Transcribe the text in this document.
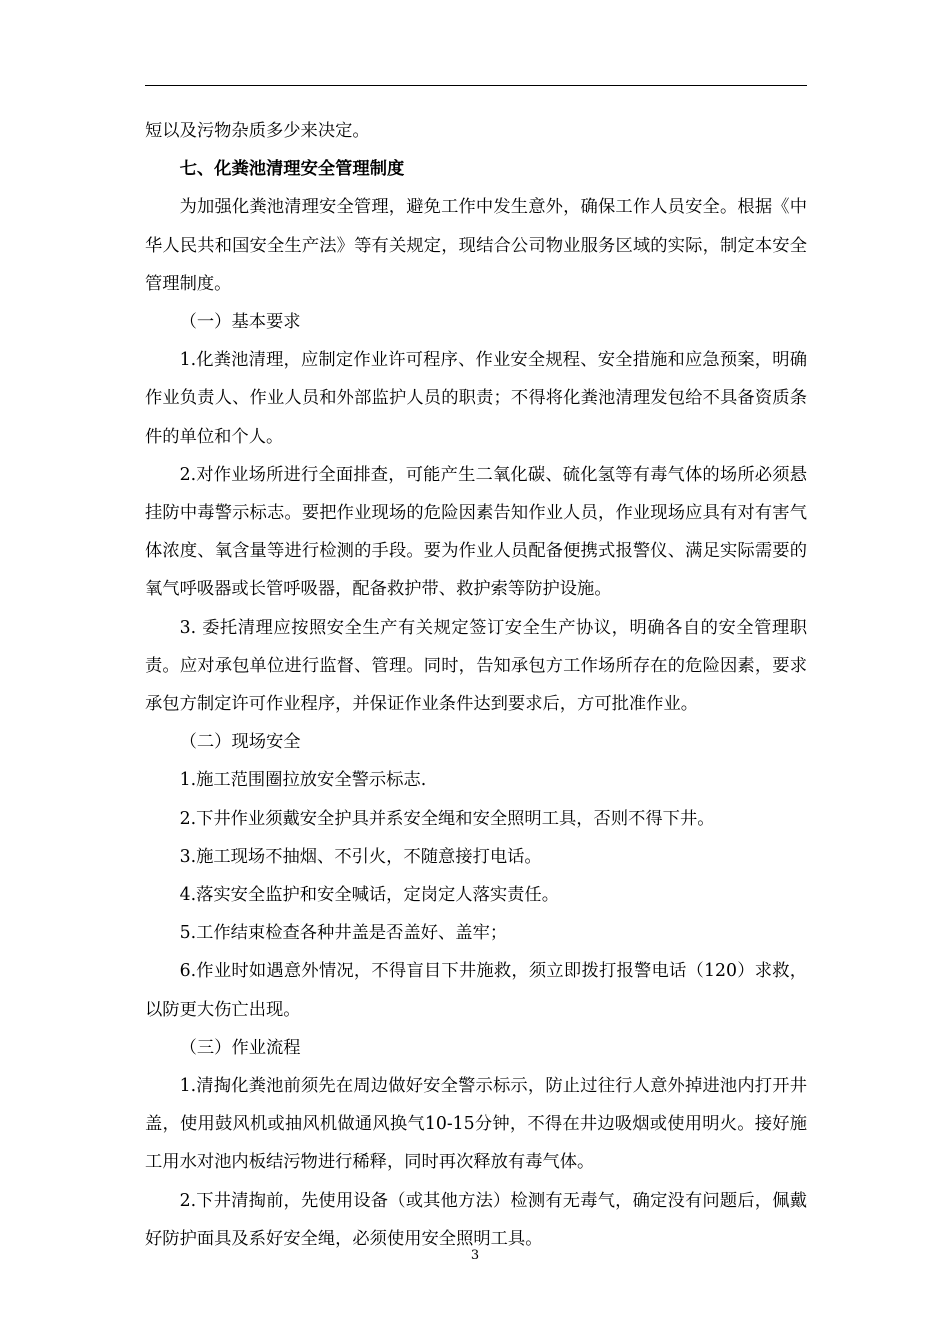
短以及污物杂质多少来决定。

七、化粪池清理安全管理制度

为加强化粪池清理安全管理，避免工作中发生意外，确保工作人员安全。根据《中华人民共和国安全生产法》等有关规定，现结合公司物业服务区域的实际，制定本安全管理制度。

（一）基本要求

1.化粪池清理，应制定作业许可程序、作业安全规程、安全措施和应急预案，明确作业负责人、作业人员和外部监护人员的职责；不得将化粪池清理发包给不具备资质条件的单位和个人。

2.对作业场所进行全面排查，可能产生二氧化碳、硫化氢等有毒气体的场所必须悬挂防中毒警示标志。要把作业现场的危险因素告知作业人员，作业现场应具有对有害气体浓度、氧含量等进行检测的手段。要为作业人员配备便携式报警仪、满足实际需要的氧气呼吸器或长管呼吸器，配备救护带、救护索等防护设施。

3. 委托清理应按照安全生产有关规定签订安全生产协议，明确各自的安全管理职责。应对承包单位进行监督、管理。同时，告知承包方工作场所存在的危险因素，要求承包方制定许可作业程序，并保证作业条件达到要求后，方可批准作业。

（二）现场安全

1.施工范围圈拉放安全警示标志.

2.下井作业须戴安全护具并系安全绳和安全照明工具，否则不得下井。

3.施工现场不抽烟、不引火，不随意接打电话。

4.落实安全监护和安全喊话，定岗定人落实责任。

5.工作结束检查各种井盖是否盖好、盖牢；

6.作业时如遇意外情况，不得盲目下井施救，须立即拨打报警电话（120）求救，以防更大伤亡出现。

（三）作业流程

1.清掏化粪池前须先在周边做好安全警示标示，防止过往行人意外掉进池内打开井盖，使用鼓风机或抽风机做通风换气10-15分钟，不得在井边吸烟或使用明火。接好施工用水对池内板结污物进行稀释，同时再次释放有毒气体。

2.下井清掏前，先使用设备（或其他方法）检测有无毒气，确定没有问题后，佩戴好防护面具及系好安全绳，必须使用安全照明工具。

3
